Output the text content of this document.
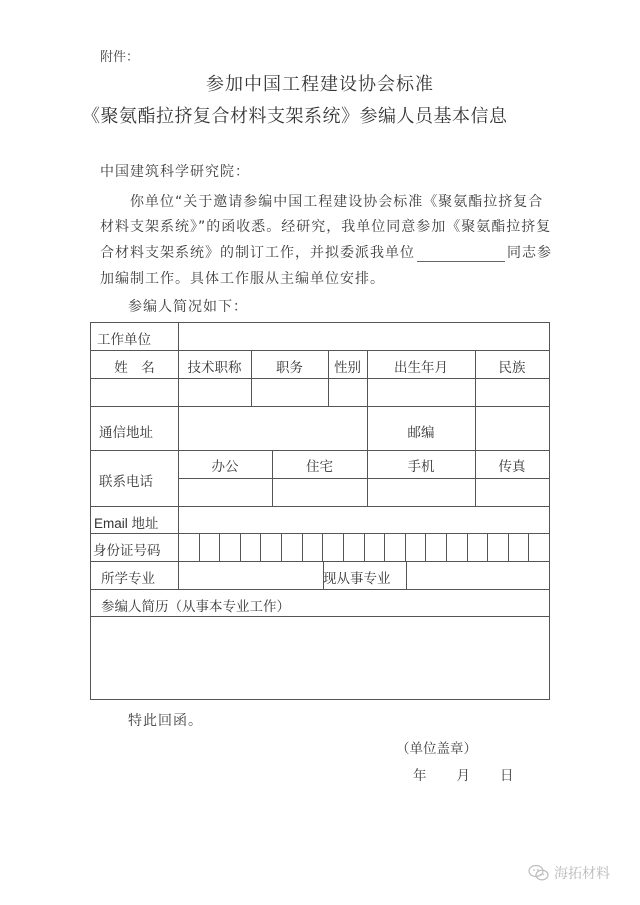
附件：
参加中国工程建设协会标准
《聚氨酯拉挤复合材料支架系统》参编人员基本信息
中国建筑科学研究院：
你单位“关于邀请参编中国工程建设协会标准《聚氨酯拉挤复合
材料支架系统》”的函收悉。经研究，我单位同意参加《聚氨酯拉挤复
合材料支架系统》的制订工作，并拟委派我单位	同志参
加编制工作。具体工作服从主编单位安排。
参编人简况如下：
工作单位
姓　名	技术职称	职务	性别	出生年月	民族
通信地址	邮编
联系电话
办公	住宅	手机	传真
Email 地址
身份证号码
所学专业	现从事专业
参编人简历（从事本专业工作）
特此回函。
（单位盖章）
年 月 日
海拓材料
